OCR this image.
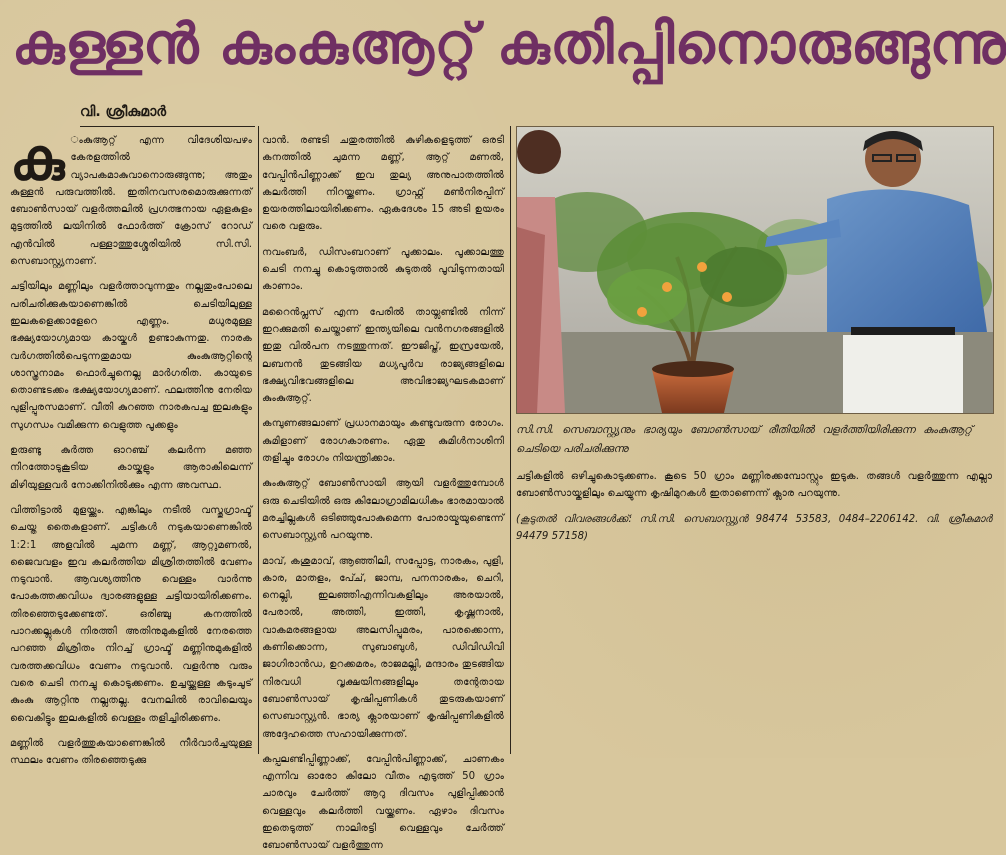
കുള്ളൻ കുംകുആറ്റ് കുതിപ്പിനൊരുങ്ങുന്നു
വി. ശ്രീകുമാർ

കു ംകുആറ്റ് എന്ന വിദേശിയപഴം കേരളത്തിൽ വ്യാപകമാകുവാനൊരുങ്ങുന്നു; അതും കുള്ളൻ പരുവത്തിൽ. ഇതിനവസരമൊരുക്കുന്നത് ബോൺസായ് വളർത്തലിൽ പ്രഗത്ഭനായ ഏളകുളം മുട്ടത്തിൽ ലയിനിൽ ഫോർത്ത് ക്രോസ് റോഡ് എൻവിൽ പള്ളാത്തുശ്ശേരിയിൽ സി.സി. സെബാസ്റ്റ്യനാണ്.

ചട്ടിയിലും മണ്ണിലും വളർത്താവുന്നതും നല്ലതുംപോലെ പരിചരിക്കുകയാണെങ്കിൽ ചെടിയിലുള്ള ഇലകളെക്കാളേറെ എണ്ണം. മധുരമുള്ള ഭക്ഷ്യയോഗ്യമായ കായ്കൾ ഉണ്ടാകുന്നതു. നാരക വർഗത്തിൽപെടുന്നതുമായ കുംകുആറ്റിന്റെ ശാസ്ത്രനാമം ഫൊർച്ചുനെല്ല മാർഗരിത. കായുടെ തൊണ്ടടക്കം ഭക്ഷ്യയോഗ്യമാണ്. ഫലത്തിനു നേരിയ പുളിപ്പുരസമാണ്. വീതി കുറഞ്ഞ നാരകപച്ച ഇലകളും സുഗന്ധം വമിക്കുന്ന വെളുത്ത പൂക്കളും

ഉരുണ്ടു കുർത്ത ഓറഞ്ച് കലർന്ന മഞ്ഞ നിറത്തോടുകൂടിയ കായ്കളും ആരാകിലെന്ന് മിഴിയുള്ളവർ നോക്കിനിൽക്കും എന്ന അവസ്ഥ.

വിത്തിട്ടാൽ മുളയ്ക്കും. എങ്കിലും നടീൽ വസ്തുഗ്രാഫ്ട് ചെയ്ത തൈകളാണ്. ചട്ടികൾ നടുകയാണെങ്കിൽ 1:2:1 അളവിൽ ചുമന്ന മണ്ണ്, ആറ്റുമണൽ, ജൈവവളം ഇവ കലർത്തിയ മിശ്രിതത്തിൽ വേണം നടുവാൻ. ആവശ്യത്തിനു വെള്ളം വാർന്നു പോകത്തക്കവിധം ദ്വാരങ്ങളുള്ള ചട്ടിയായിരിക്കണം. തിരഞ്ഞെടുക്കേണ്ടത്. ഒരിഞ്ചു കനത്തിൽ പാറക്കല്ലുകൾ നിരത്തി അതിനുമുകളിൽ നേരത്തെ പറഞ്ഞ മിശ്രിതം നിറച്ച് ഗ്രാഫ്ട് മണ്ണിനുമുകളിൽ വരത്തക്കവിധം വേണം നടുവാൻ. വളർന്നു വരും വരെ ചെടി നനച്ചു കൊടുക്കണം. ഉച്ചയ്ക്കുള്ള കടുംചൂട് കുംകു ആറ്റിനു നല്ലതല്ല. വേനലിൽ രാവിലെയും വൈകിട്ടും ഇലകളിൽ വെള്ളം തളിച്ചിരിക്കണം.

മണ്ണിൽ വളർത്തുകയാണെങ്കിൽ നീർവാർച്ചയുള്ള സ്ഥലം വേണം തിരഞ്ഞെടുക്കു

വാൻ. രണ്ടടി ചതുരത്തിൽ കുഴികളെടുത്ത് ഒരടി കനത്തിൽ ചുമന്ന മണ്ണ്, ആറ്റ് മണൽ, വേപ്പിൻപിണ്ണാക്ക് ഇവ തുല്യ അനുപാതത്തിൽ കലർത്തി നിറയ്ക്കണം. ഗ്രാഫ്റ്റ് മൺനിരപ്പിന് ഉയരത്തിലായിരിക്കണം. ഏകദേശം 15 അടി ഉയരം വരെ വളരും.

നവംബർ, ഡിസംബറാണ് പൂക്കാലം. പൂക്കാലത്തു ചെടി നനച്ചു കൊടുത്താൽ കുടുതൽ പൂവിടുന്നതായി കാണാം.

മറൈൻപ്ലസ് എന്ന പേരിൽ തായ്ലണ്ടിൽ നിന്ന് ഇറക്കുമതി ചെയ്താണ് ഇന്ത്യയിലെ വൻനഗരങ്ങളിൽ ഇതു വിൽപന നടത്തുന്നത്. ഈജിപ്ത്, ഇസ്രയേൽ, ലബനൻ തുടങ്ങിയ മധ്യപൂർവ രാജ്യങ്ങളിലെ ഭക്ഷ്യവിഭവങ്ങളിലെ അവിഭാജ്യഘടകമാണ് കുംകുആറ്റ്.

കമ്പുണങ്ങലാണ് പ്രധാനമായും കണ്ടുവരുന്ന രോഗം. കുമിളാണ് രോഗകാരണം. ഏതു കുമിൾനാശിനി തളിച്ചും രോഗം നിയന്ത്രിക്കാം.

കുംകുആറ്റ് ബോൺസായി ആയി വളർത്തുമ്പോൾ ഒരു ചെടിയിൽ ഒരു കിലോഗ്രാമിലധികം ഭാരമായാൽ മരച്ചില്ലകൾ ഒടിഞ്ഞുപോകുമെന്ന പോരായ്മയുണ്ടെന്ന് സെബാസ്റ്റ്യൻ പറയുന്നു.

മാവ്, കശുമാവ്, ആഞ്ഞിലി, സപ്പോട്ട, നാരകം, പുളി, കാര, മാതളം, പേ്ച്, ജാമ്പ, പനനാരകം, ചെറി, നെല്ലി, ഇലഞ്ഞിഎന്നിവകളിലും അരയാൽ, പേരാൽ, അത്തി, ഇത്തി, കൃഷ്ണനാൽ, വാകമരങ്ങളായ അലസിപ്പൂമരം, പാരക്കൊന്ന, കണിക്കൊന്ന, സുബാബുൾ, ഡിവിഡിവി ജാഗിരാൻഡ, ഉറക്കമരം, രാജമല്ലി, മന്ദാരം തുടങ്ങിയ നിരവധി വൃക്ഷയിനങ്ങളിലും തന്റേതായ ബോൺസായ് കൃഷിപ്പണികൾ തുടരുകയാണ് സെബാസ്റ്റ്യൻ. ഭാര്യ ക്ലാരയാണ് കൃഷിപ്പണികളിൽ അദ്ദേഹത്തെ സഹായിക്കുന്നത്.

കപ്പലണ്ടിപ്പിണ്ണാക്ക്, വേപ്പിൻപിണ്ണാക്ക്, ചാണകം എന്നിവ ഓരോ കിലോ വീതം എടുത്ത് 50 ഗ്രാം ചാരവും ചേർത്ത് ആറു ദിവസം പുളിപ്പിക്കാൻ വെള്ളവും കലർത്തി വയ്ക്കണം. ഏഴാം ദിവസം ഇതെടുത്ത് നാലിരട്ടി വെള്ളവും ചേർത്ത് ബോൺസായ് വളർത്തുന്ന

സി.സി. സെബാസ്റ്റ്യനും ഭാര്യയും ബോൺസായ് രീതിയിൽ വളർത്തിയിരിക്കുന്ന കുംകുആറ്റ് ചെടിയെ പരിചരിക്കുന്നു

ചട്ടികളിൽ ഒഴിച്ചുകൊടുക്കണം. കൂടെ 50 ഗ്രാം മണ്ണിരക്കമ്പോസ്റ്റും ഇടുക. തങ്ങൾ വളർത്തുന്ന എല്ലാ ബോൺസായ്കളിലും ചെയ്യുന്ന കൃഷിമുറകൾ ഇതാണെന്ന് ക്ലാര പറയുന്നു.

(കൂടുതൽ വിവരങ്ങൾക്ക്: സി.സി. സെബാസ്റ്റ്യൻ 98474 53583, 0484–2206142. വി. ശ്രീകുമാർ 94479 57158)
